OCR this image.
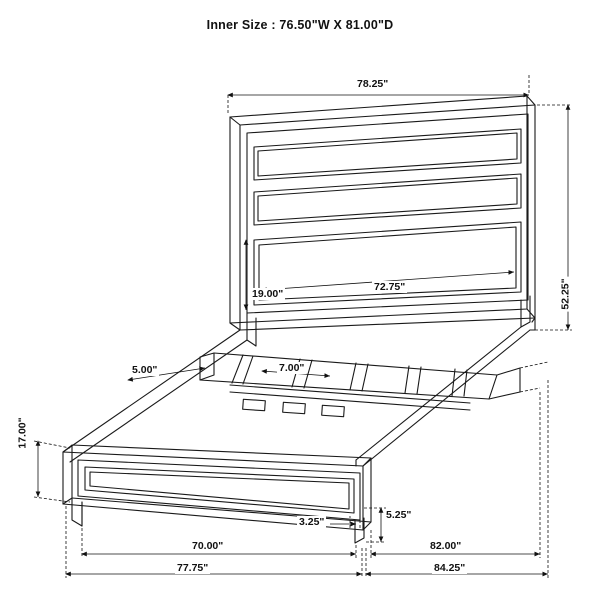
Inner Size : 76.50"W X 81.00"D
78.25"
52.25"
19.00"
72.75"
5.00"	7.00"
17.00"
5.25"
3.25"
70.00"
77.75"
82.00"
84.25"
